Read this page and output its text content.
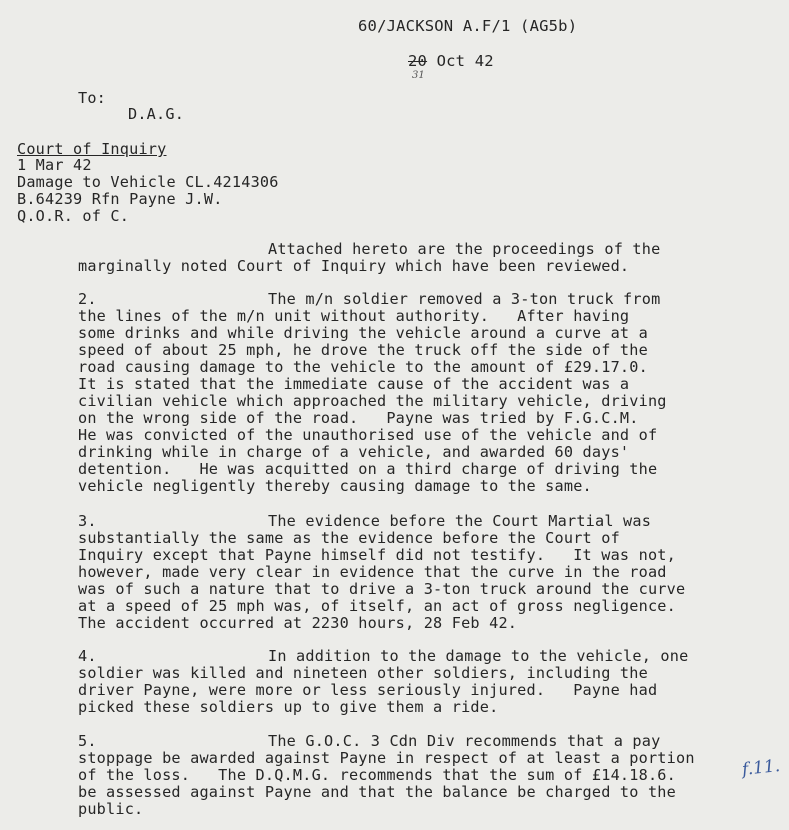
60/JACKSON A.F/1 (AG5b)
20 Oct 42
31
To:
D.A.G.
Court of Inquiry
1 Mar 42
Damage to Vehicle CL.4214306
B.64239 Rfn Payne J.W.
Q.O.R. of C.
Attached hereto are the proceedings of the
marginally noted Court of Inquiry which have been reviewed.
2.	The m/n soldier removed a 3-ton truck from
the lines of the m/n unit without authority.   After having
some drinks and while driving the vehicle around a curve at a
speed of about 25 mph, he drove the truck off the side of the
road causing damage to the vehicle to the amount of £29.17.0.
It is stated that the immediate cause of the accident was a
civilian vehicle which approached the military vehicle, driving
on the wrong side of the road.   Payne was tried by F.G.C.M.
He was convicted of the unauthorised use of the vehicle and of
drinking while in charge of a vehicle, and awarded 60 days'
detention.   He was acquitted on a third charge of driving the
vehicle negligently thereby causing damage to the same.
3.	The evidence before the Court Martial was
substantially the same as the evidence before the Court of
Inquiry except that Payne himself did not testify.   It was not,
however, made very clear in evidence that the curve in the road
was of such a nature that to drive a 3-ton truck around the curve
at a speed of 25 mph was, of itself, an act of gross negligence.
The accident occurred at 2230 hours, 28 Feb 42.
4.	In addition to the damage to the vehicle, one
soldier was killed and nineteen other soldiers, including the
driver Payne, were more or less seriously injured.   Payne had
picked these soldiers up to give them a ride.
5.	The G.O.C. 3 Cdn Div recommends that a pay
stoppage be awarded against Payne in respect of at least a portion
of the loss.   The D.Q.M.G. recommends that the sum of £14.18.6.
be assessed against Payne and that the balance be charged to the
public.
f.11.
